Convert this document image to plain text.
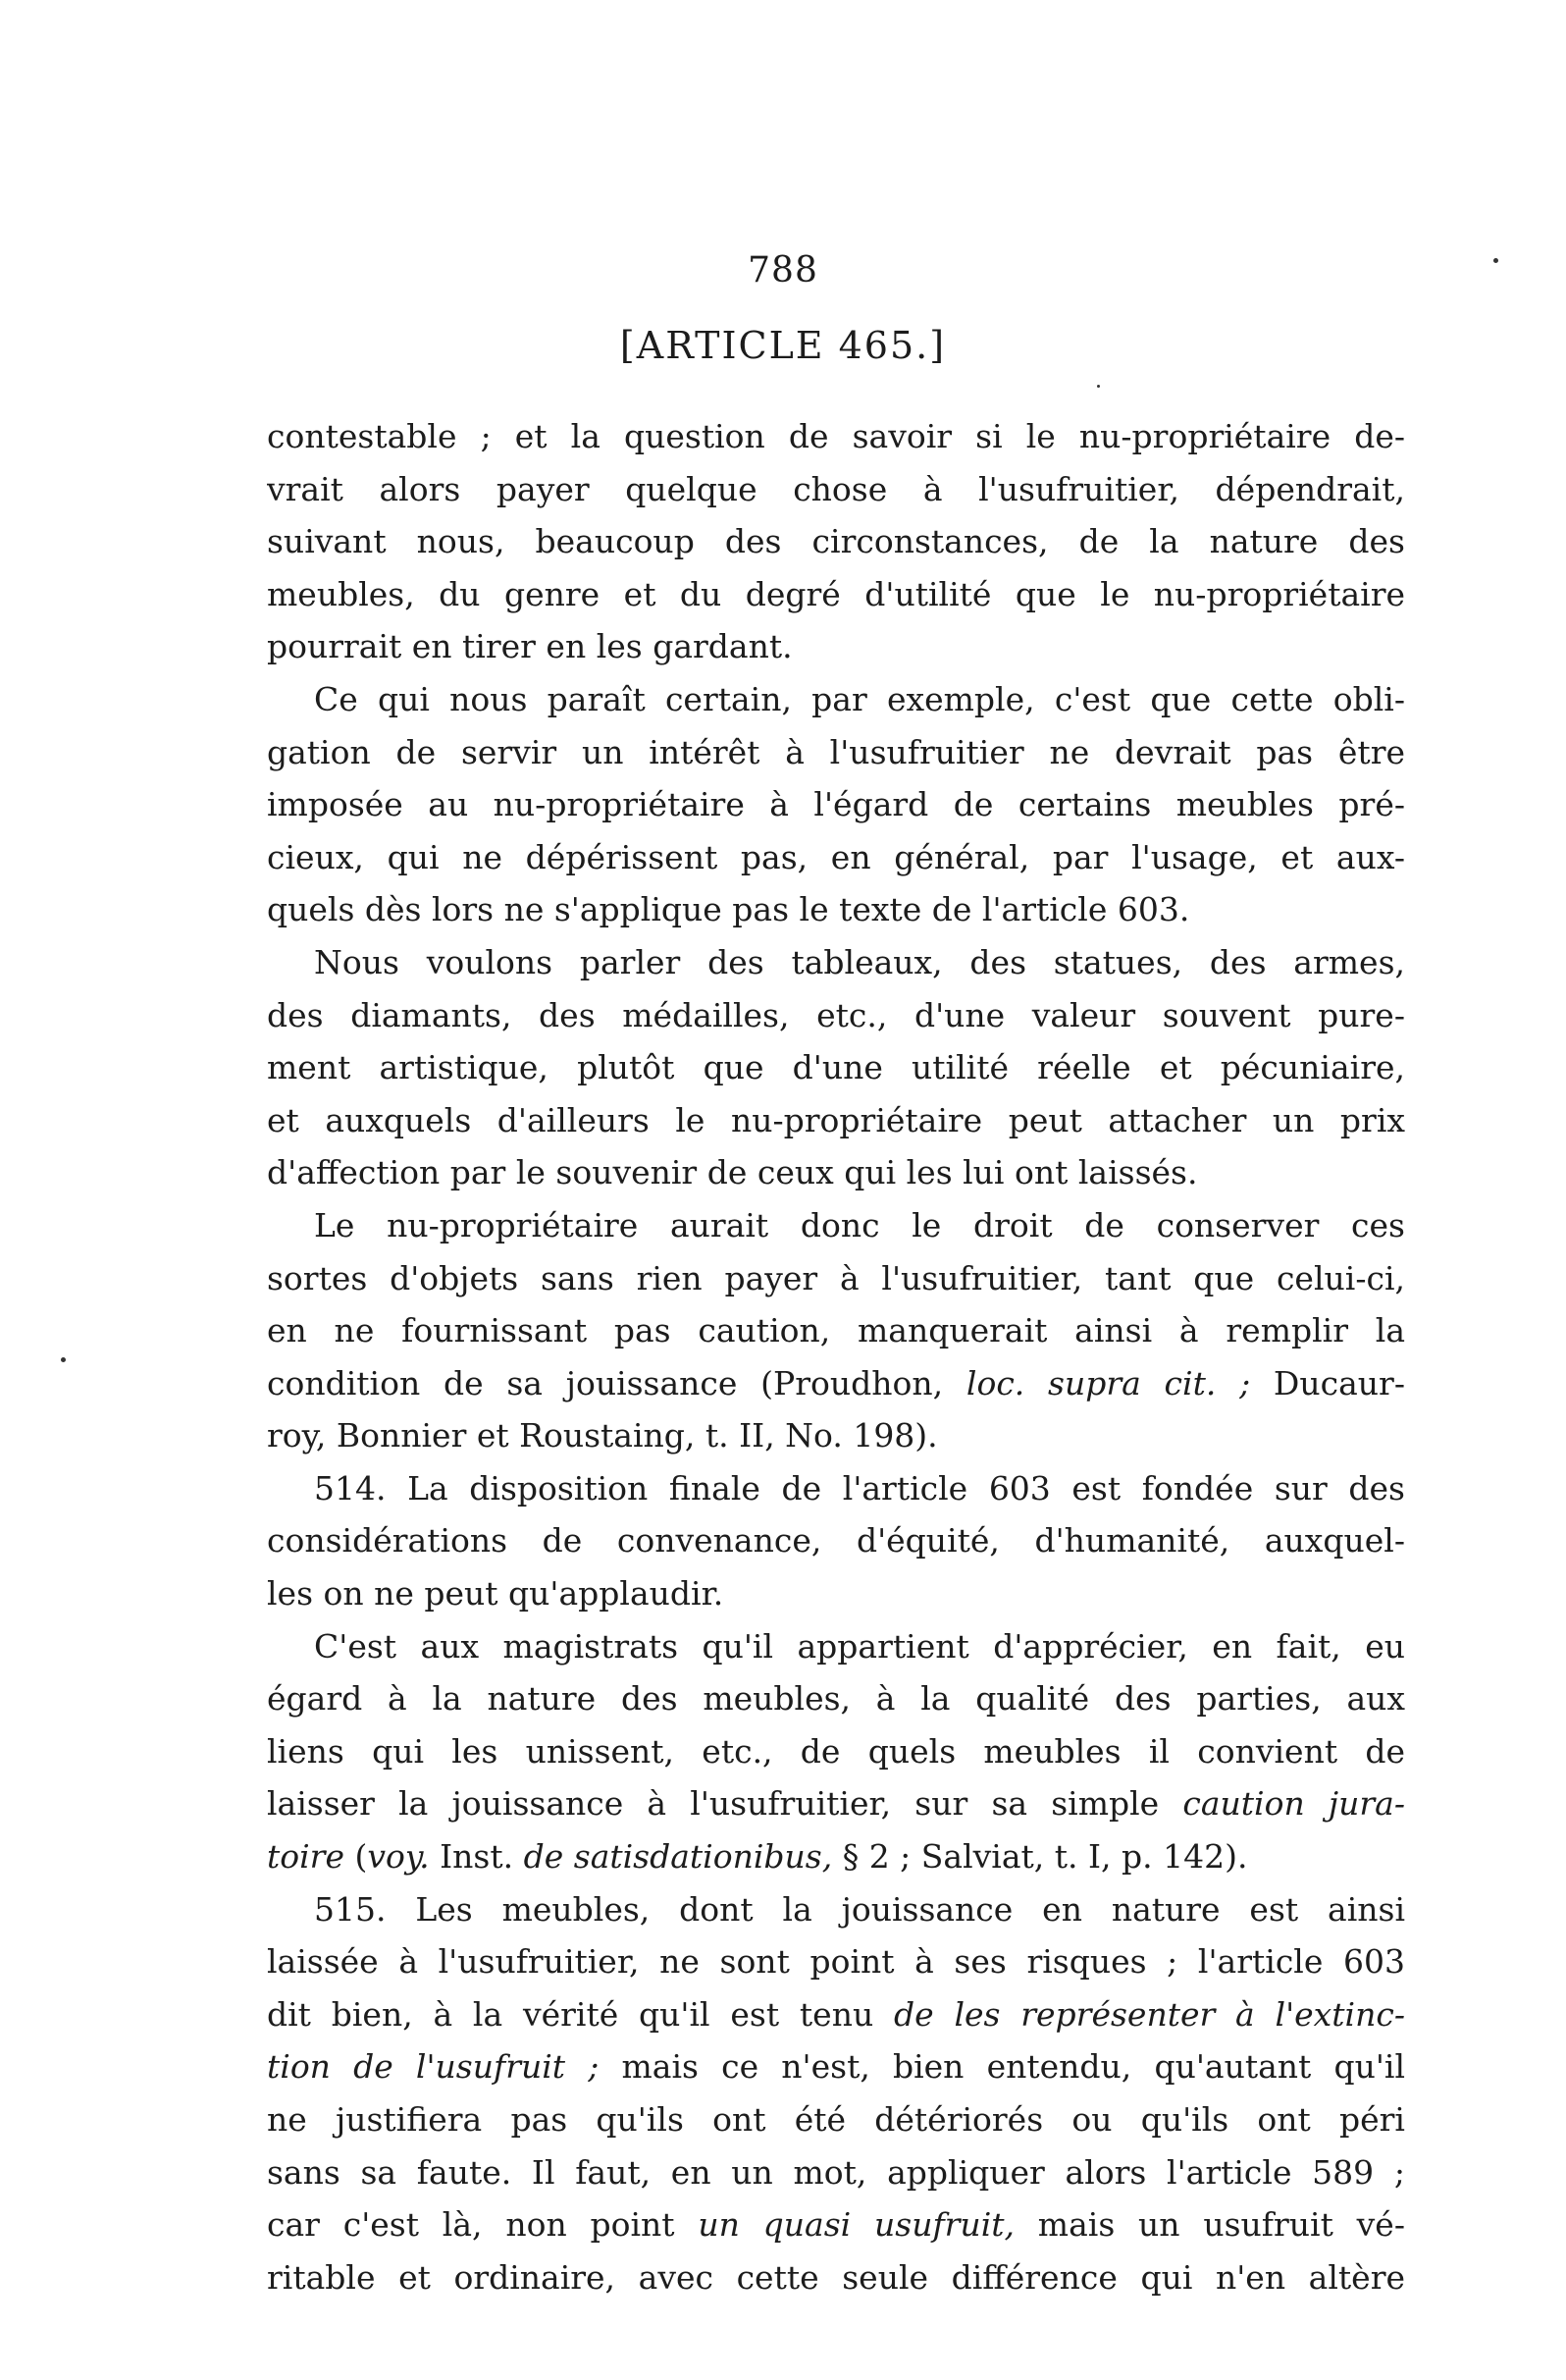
788
[ARTICLE 465.]
contestable ; et la question de savoir si le nu-propriétaire de-
vrait alors payer quelque chose à l'usufruitier, dépendrait,
suivant nous, beaucoup des circonstances, de la nature des
meubles, du genre et du degré d'utilité que le nu-propriétaire
pourrait en tirer en les gardant.
Ce qui nous paraît certain, par exemple, c'est que cette obli-
gation de servir un intérêt à l'usufruitier ne devrait pas être
imposée au nu-propriétaire à l'égard de certains meubles pré-
cieux, qui ne dépérissent pas, en général, par l'usage, et aux-
quels dès lors ne s'applique pas le texte de l'article 603.
Nous voulons parler des tableaux, des statues, des armes,
des diamants, des médailles, etc., d'une valeur souvent pure-
ment artistique, plutôt que d'une utilité réelle et pécuniaire,
et auxquels d'ailleurs le nu-propriétaire peut attacher un prix
d'affection par le souvenir de ceux qui les lui ont laissés.
Le nu-propriétaire aurait donc le droit de conserver ces
sortes d'objets sans rien payer à l'usufruitier, tant que celui-ci,
en ne fournissant pas caution, manquerait ainsi à remplir la
condition de sa jouissance (Proudhon, loc. supra cit. ; Ducaur-
roy, Bonnier et Roustaing, t. II, No. 198).
514. La disposition finale de l'article 603 est fondée sur des
considérations de convenance, d'équité, d'humanité, auxquel-
les on ne peut qu'applaudir.
C'est aux magistrats qu'il appartient d'apprécier, en fait, eu
égard à la nature des meubles, à la qualité des parties, aux
liens qui les unissent, etc., de quels meubles il convient de
laisser la jouissance à l'usufruitier, sur sa simple caution jura-
toire (voy. Inst. de satisdationibus, § 2 ; Salviat, t. I, p. 142).
515. Les meubles, dont la jouissance en nature est ainsi
laissée à l'usufruitier, ne sont point à ses risques ; l'article 603
dit bien, à la vérité qu'il est tenu de les représenter à l'extinc-
tion de l'usufruit ; mais ce n'est, bien entendu, qu'autant qu'il
ne justifiera pas qu'ils ont été détériorés ou qu'ils ont péri
sans sa faute. Il faut, en un mot, appliquer alors l'article 589 ;
car c'est là, non point un quasi usufruit, mais un usufruit vé-
ritable et ordinaire, avec cette seule différence qui n'en altère
